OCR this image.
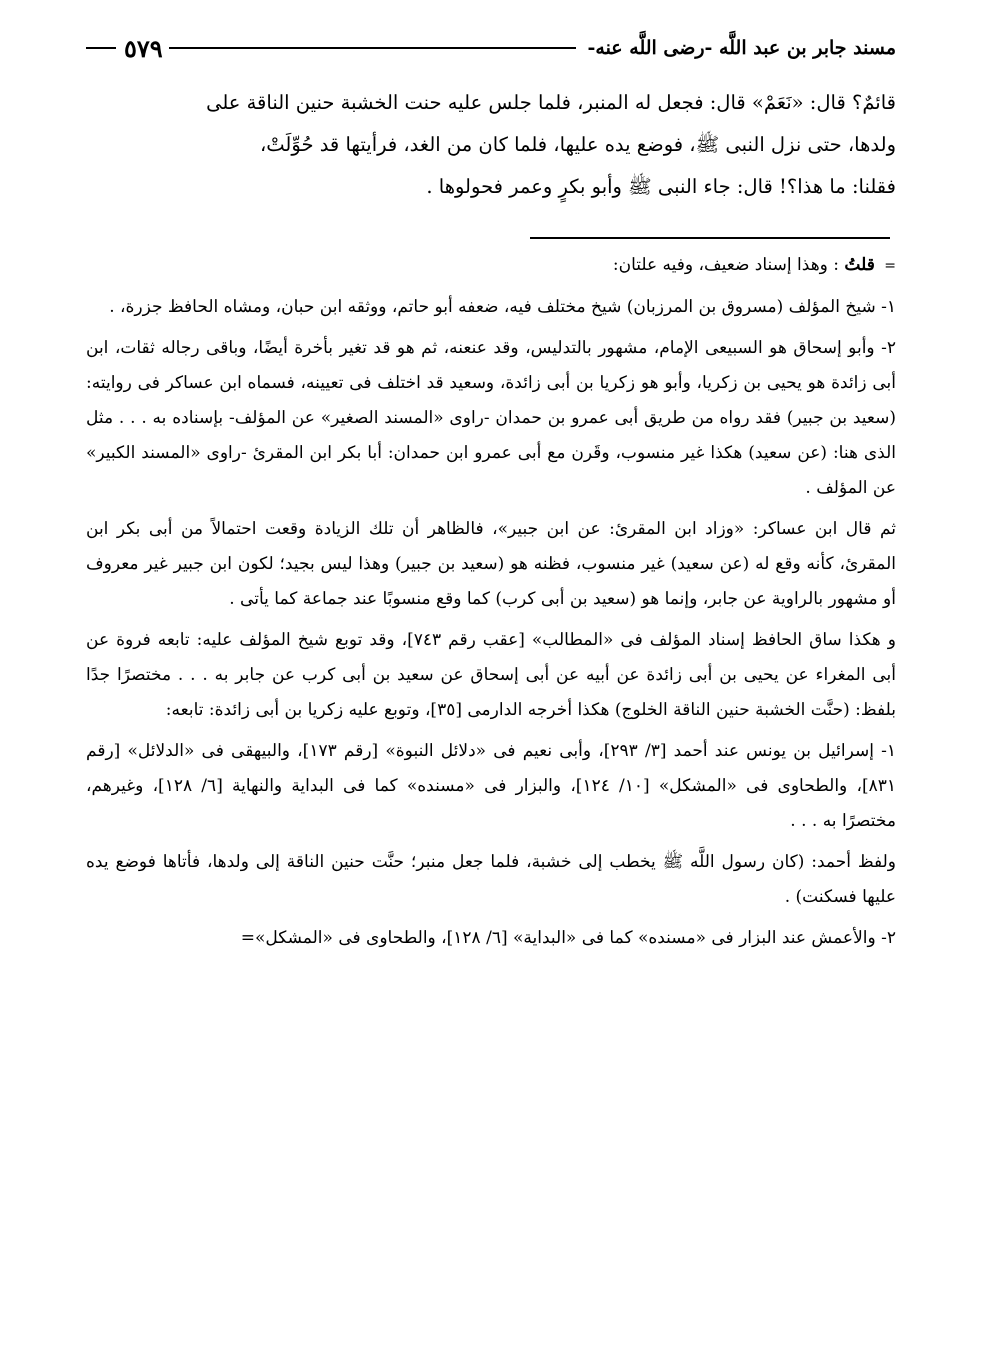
مسند جابر بن عبد اللَّه -رضى اللَّه عنه-
٥٧٩

قائمٌ؟ قال: «نَعَمْ» قال: فجعل له المنبر، فلما جلس عليه حنت الخشبة حنين الناقة على

ولدها، حتى نزل النبى ﷺ، فوضع يده عليها، فلما كان من الغد، فرأيتها قد حُوِّلَتْ،

فقلنا: ما هذا؟! قال: جاء النبى ﷺ وأبو بكرٍ وعمر فحولوها .

= قلتُ : وهذا إسناد ضعيف، وفيه علتان:

١- شيخ المؤلف (مسروق بن المرزبان) شيخ مختلف فيه، ضعفه أبو حاتم، ووثقه ابن حبان، ومشاه الحافظ جزرة، .

٢- وأبو إسحاق هو السبيعى الإمام، مشهور بالتدليس، وقد عنعنه، ثم هو قد تغير بأخرة أيضًا، وباقى رجاله ثقات، ابن أبى زائدة هو يحيى بن زكريا، وأبو هو زكريا بن أبى زائدة، وسعيد قد اختلف فى تعيينه، فسماه ابن عساكر فى روايته: (سعيد بن جبير) فقد رواه من طريق أبى عمرو بن حمدان -راوى «المسند الصغير» عن المؤلف- بإسناده به . . . مثل الذى هنا: (عن سعيد) هكذا غير منسوب، وقَرن مع أبى عمرو ابن حمدان: أبا بكر ابن المقرئ -راوى «المسند الكبير» عن المؤلف .

ثم قال ابن عساكر: «وزاد ابن المقرئ: عن ابن جبير»، فالظاهر أن تلك الزيادة وقعت احتمالاً من أبى بكر ابن المقرئ، كأنه وقع له (عن سعيد) غير منسوب، فظنه هو (سعيد بن جبير) وهذا ليس بجيد؛ لكون ابن جبير غير معروف أو مشهور بالراوية عن جابر، وإنما هو (سعيد بن أبى كرب) كما وقع منسوبًا عند جماعة كما يأتى .

و هكذا ساق الحافظ إسناد المؤلف فى «المطالب» [عقب رقم ٧٤٣]، وقد توبع شيخ المؤلف عليه: تابعه فروة عن أبى المغراء عن يحيى بن أبى زائدة عن أبيه عن أبى إسحاق عن سعيد بن أبى كرب عن جابر به . . . مختصرًا جدًا بلفظ: (حنَّت الخشبة حنين الناقة الخلوج) هكذا أخرجه الدارمى [٣٥]، وتوبع عليه زكريا بن أبى زائدة: تابعه:

١- إسرائيل بن يونس عند أحمد [٣/ ٢٩٣]، وأبى نعيم فى «دلائل النبوة» [رقم ١٧٣]، والبيهقى فى «الدلائل» [رقم ٨٣١]، والطحاوى فى «المشكل» [١٠/ ١٢٤]، والبزار فى «مسنده» كما فى البداية والنهاية [٦/ ١٢٨]، وغيرهم، مختصرًا به . . .

ولفظ أحمد: (كان رسول اللَّه ﷺ يخطب إلى خشبة، فلما جعل منبر؛ حنَّت حنين الناقة إلى ولدها، فأتاها فوضع يده عليها فسكنت) .

٢- والأعمش عند البزار فى «مسنده» كما فى «البداية» [٦/ ١٢٨]، والطحاوى فى «المشكل»=
